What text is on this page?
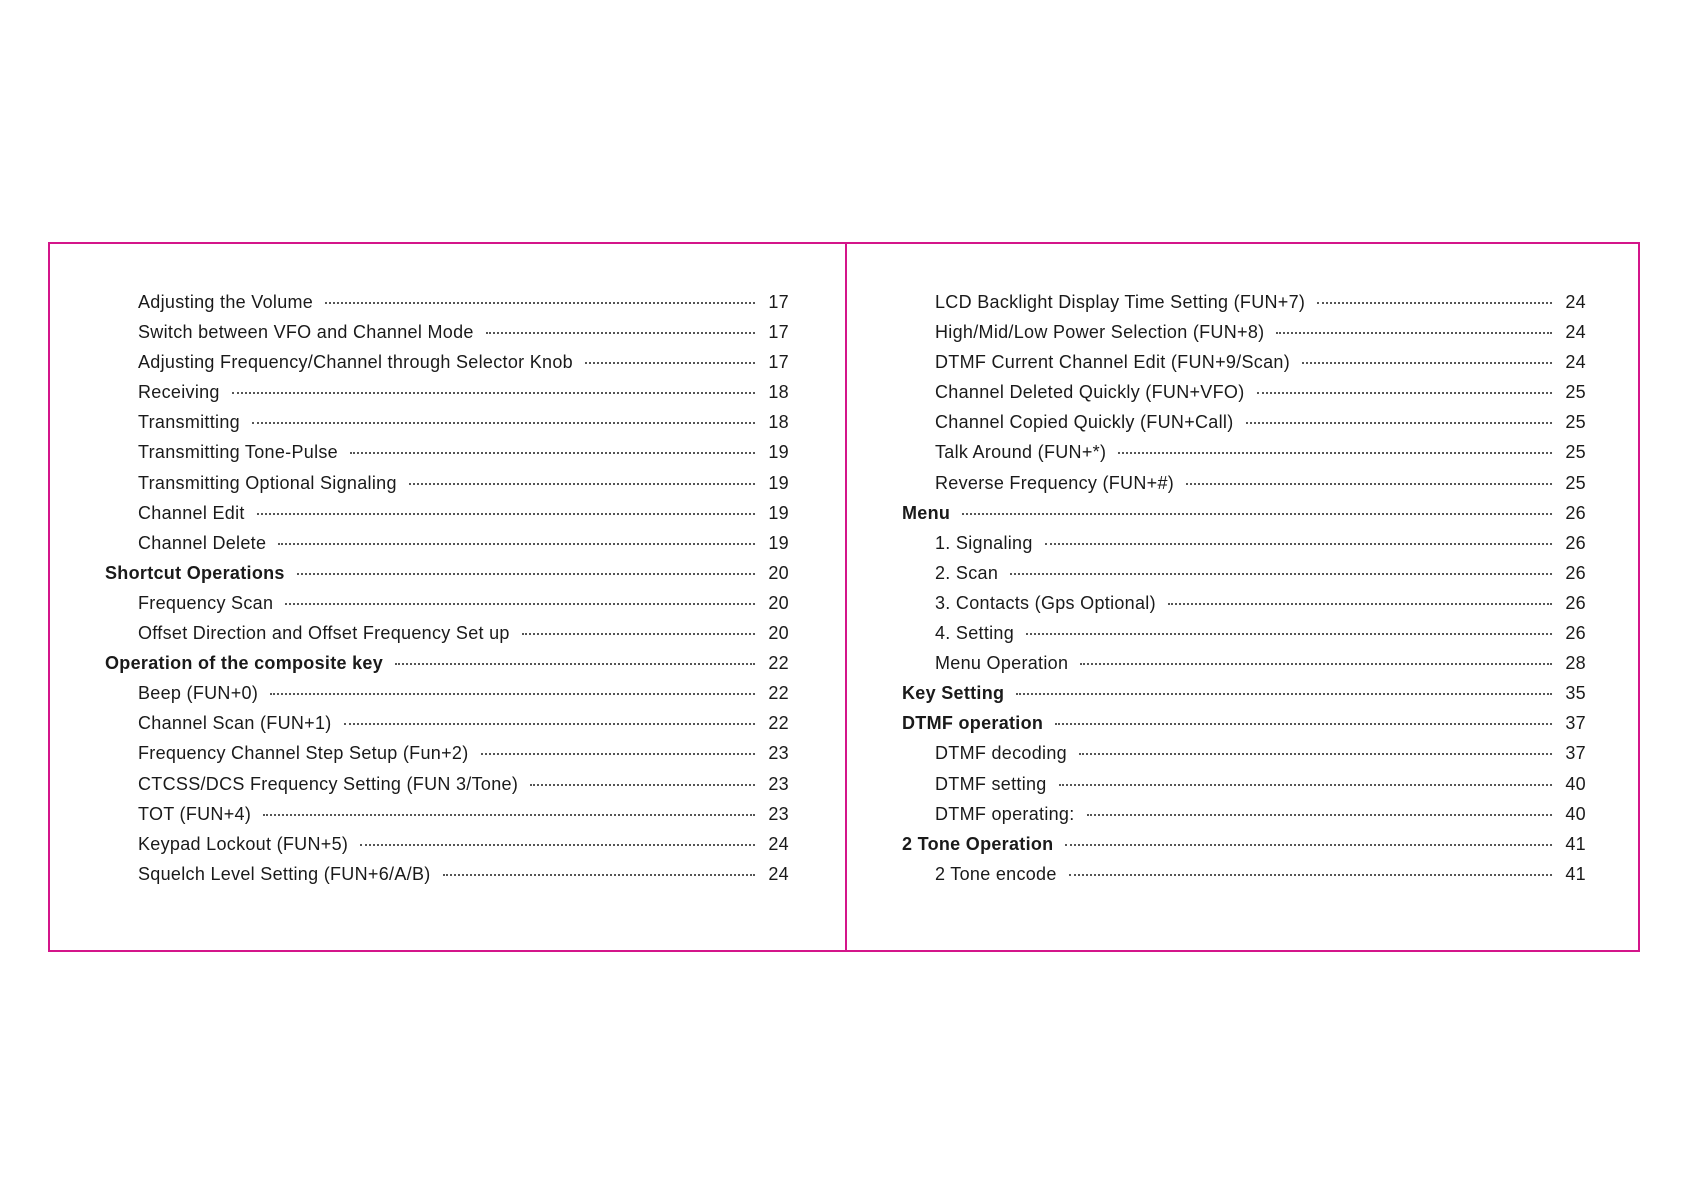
Adjusting the Volume	17
Switch between VFO and Channel Mode	17
Adjusting Frequency/Channel through Selector Knob	17
Receiving	18
Transmitting	18
Transmitting Tone-Pulse	19
Transmitting Optional Signaling	19
Channel Edit	19
Channel Delete	19
Shortcut Operations	20
Frequency Scan	20
Offset Direction and Offset Frequency Set up	20
Operation of the composite key	22
Beep (FUN+0)	22
Channel Scan (FUN+1)	22
Frequency Channel Step Setup (Fun+2)	23
CTCSS/DCS Frequency Setting (FUN 3/Tone)	23
TOT (FUN+4)	23
Keypad Lockout (FUN+5)	24
Squelch Level Setting (FUN+6/A/B)	24
LCD Backlight Display Time Setting (FUN+7)	24
High/Mid/Low Power Selection (FUN+8)	24
DTMF Current Channel Edit (FUN+9/Scan)	24
Channel Deleted Quickly (FUN+VFO)	25
Channel Copied Quickly (FUN+Call)	25
Talk Around (FUN+*)	25
Reverse Frequency (FUN+#)	25
Menu	26
1. Signaling	26
2. Scan	26
3. Contacts (Gps Optional)	26
4. Setting	26
Menu Operation	28
Key Setting	35
DTMF operation	37
DTMF decoding	37
DTMF setting	40
DTMF operating:	40
2 Tone Operation	41
2 Tone encode	41
